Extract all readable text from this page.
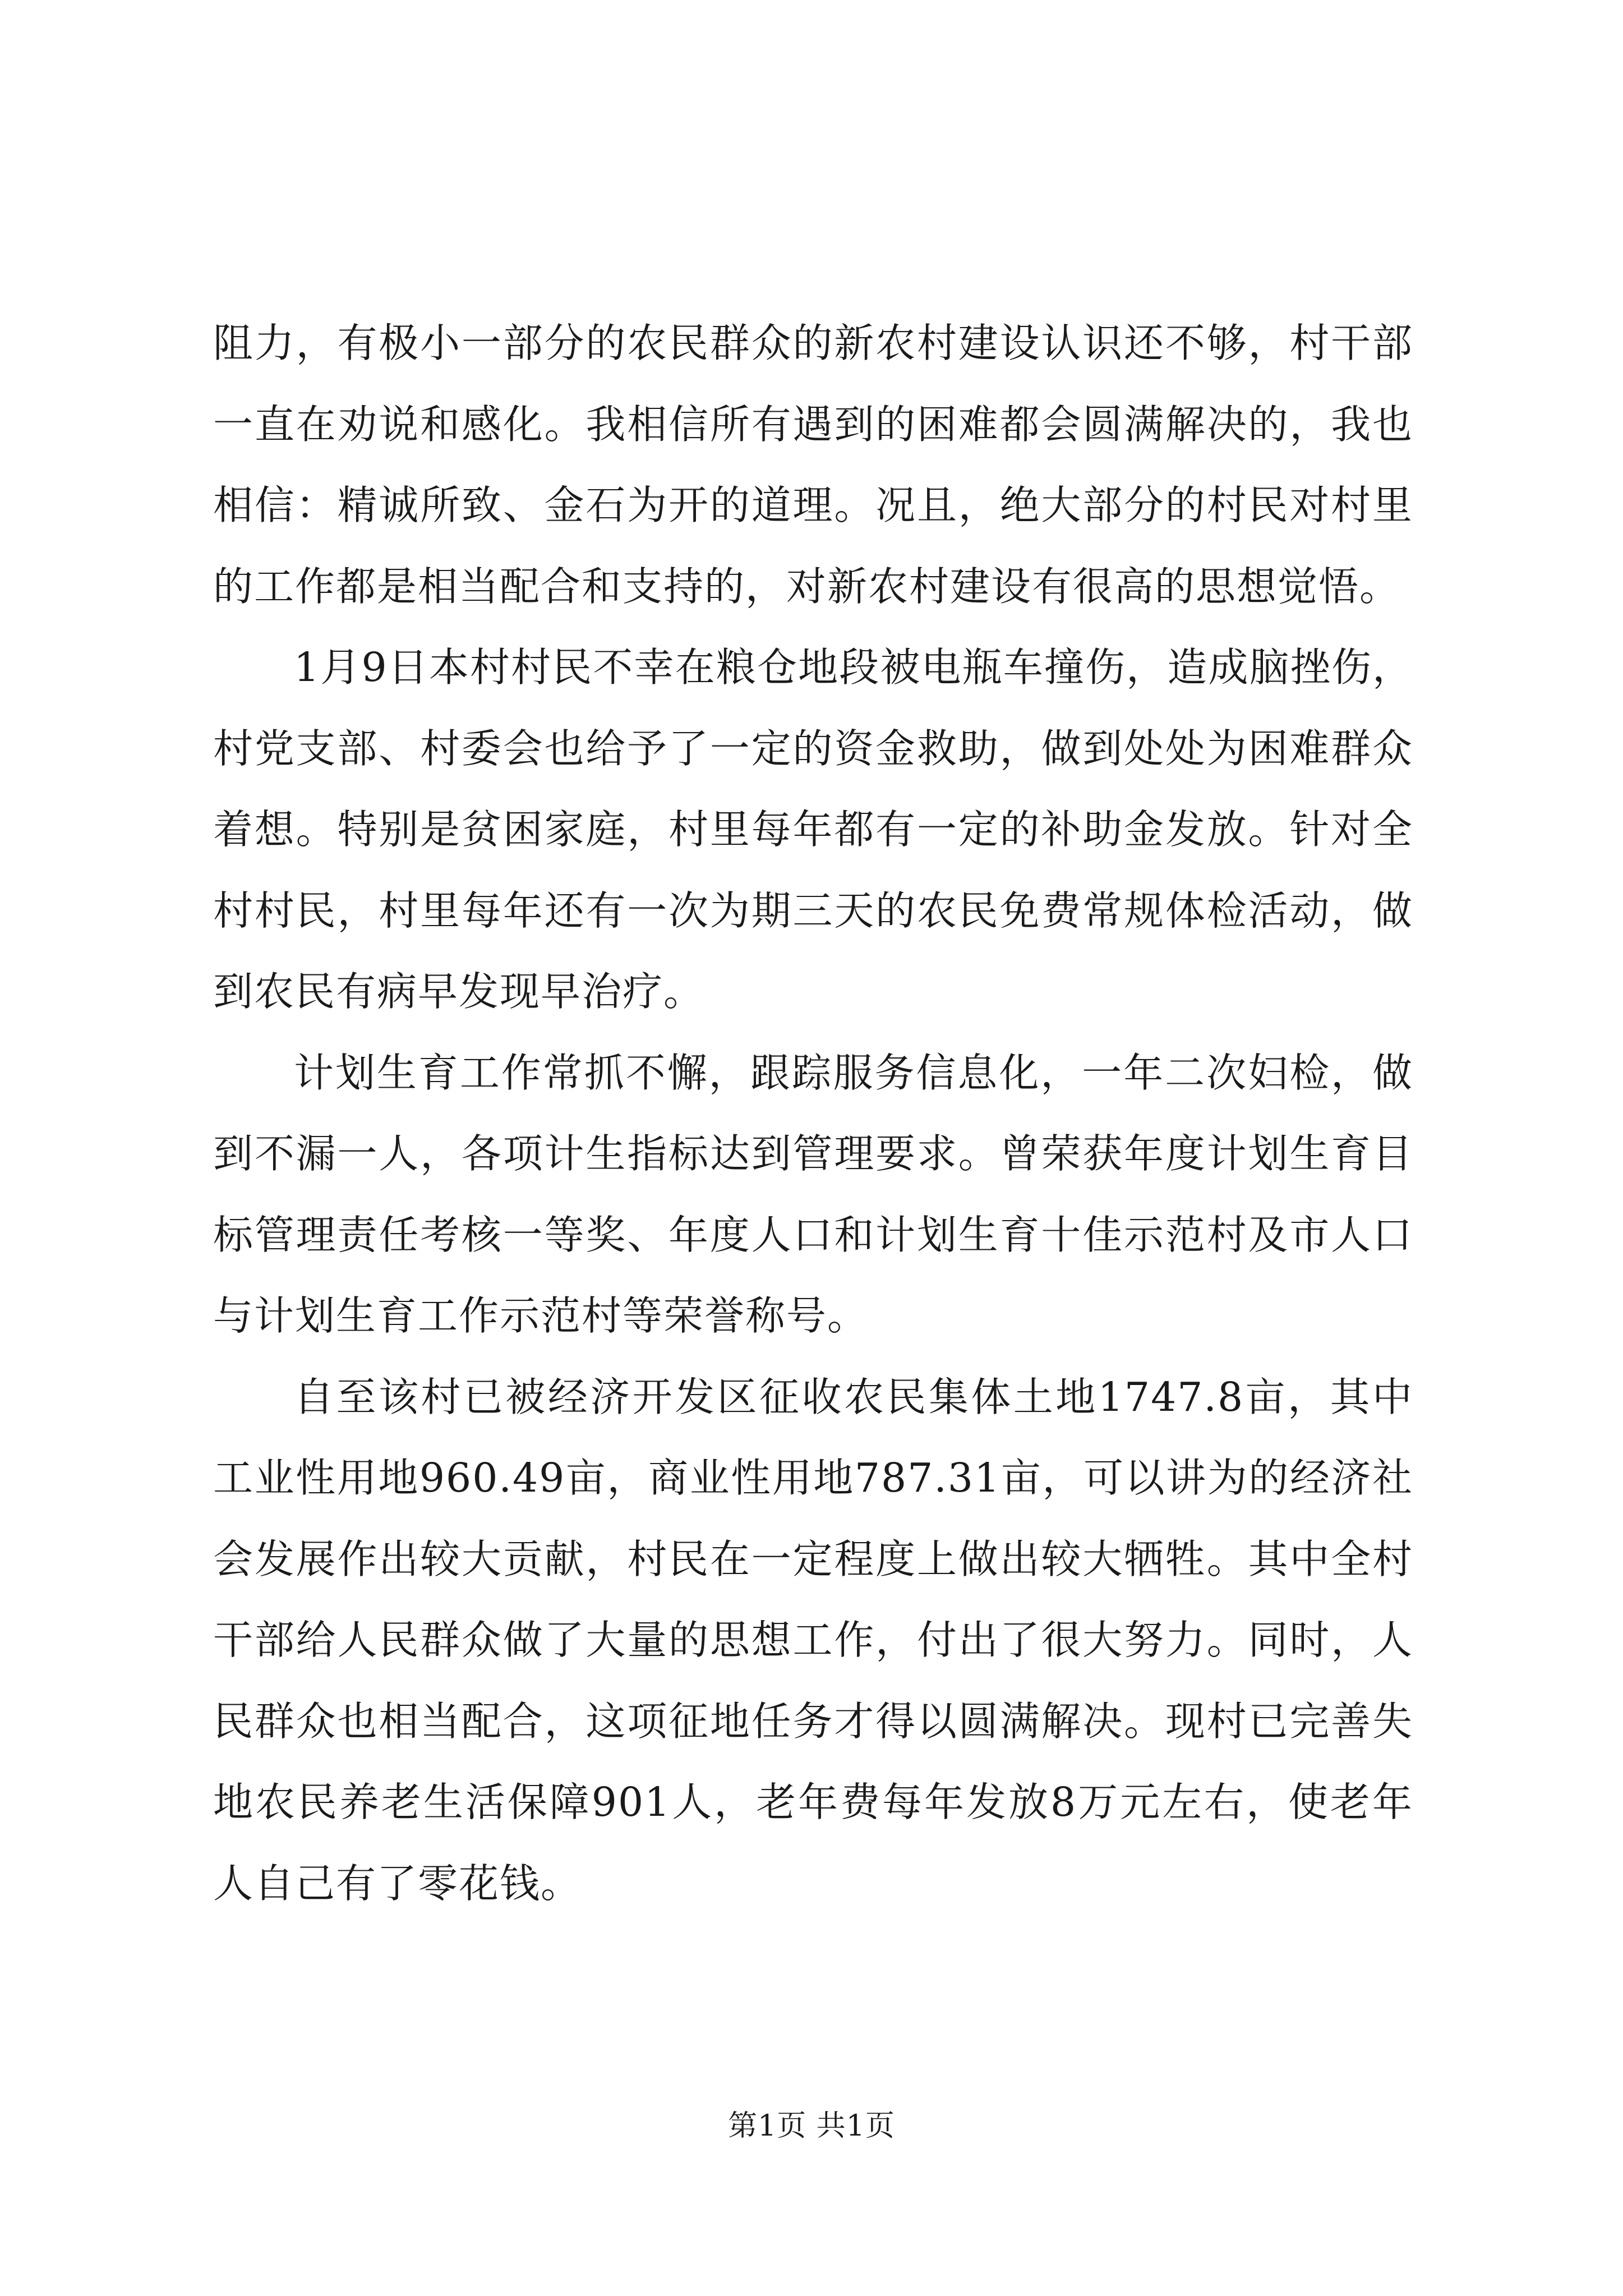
阻力，有极小一部分的农民群众的新农村建设认识还不够，村干部一直在劝说和感化。我相信所有遇到的困难都会圆满解决的，我也相信：精诚所致、金石为开的道理。况且，绝大部分的村民对村里的工作都是相当配合和支持的，对新农村建设有很高的思想觉悟。

1月9日本村村民不幸在粮仓地段被电瓶车撞伤，造成脑挫伤，村党支部、村委会也给予了一定的资金救助，做到处处为困难群众着想。特别是贫困家庭，村里每年都有一定的补助金发放。针对全村村民，村里每年还有一次为期三天的农民免费常规体检活动，做到农民有病早发现早治疗。

计划生育工作常抓不懈，跟踪服务信息化，一年二次妇检，做到不漏一人，各项计生指标达到管理要求。曾荣获年度计划生育目标管理责任考核一等奖、年度人口和计划生育十佳示范村及市人口与计划生育工作示范村等荣誉称号。

自至该村已被经济开发区征收农民集体土地1747.8亩，其中工业性用地960.49亩，商业性用地787.31亩，可以讲为的经济社会发展作出较大贡献，村民在一定程度上做出较大牺牲。其中全村干部给人民群众做了大量的思想工作，付出了很大努力。同时，人民群众也相当配合，这项征地任务才得以圆满解决。现村已完善失地农民养老生活保障901人，老年费每年发放8万元左右，使老年人自己有了零花钱。

第1页 共1页
